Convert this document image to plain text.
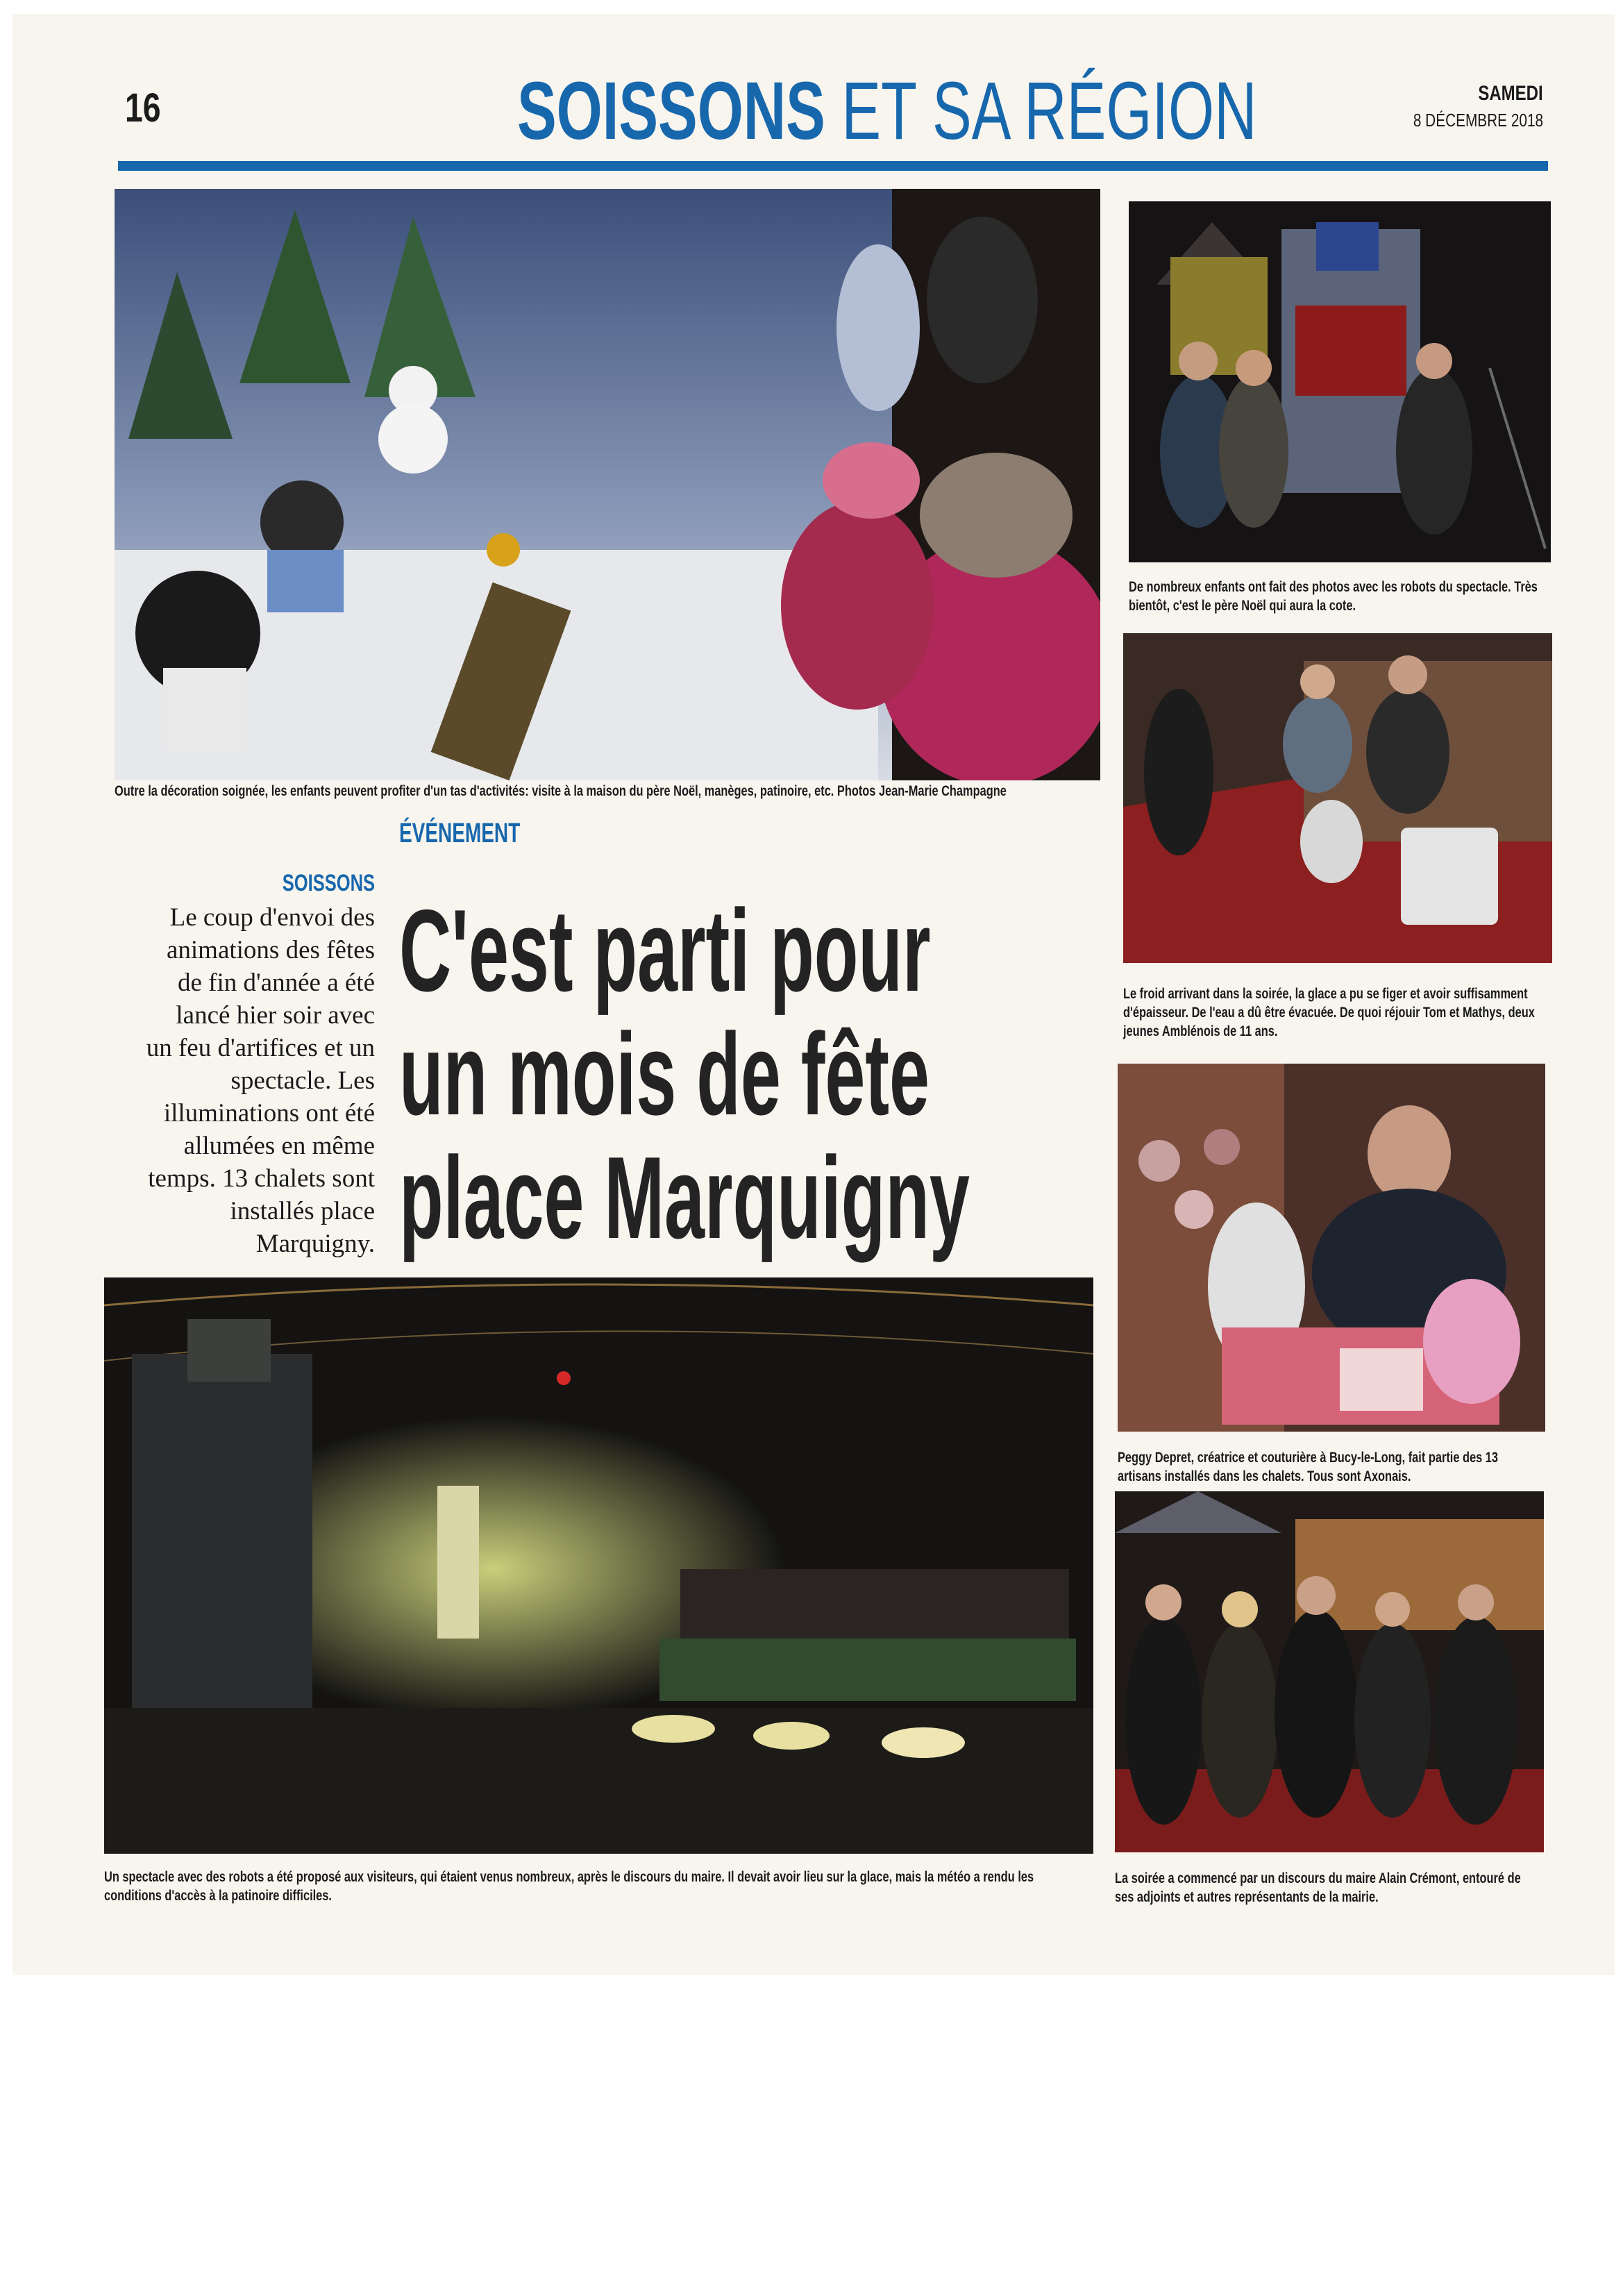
16	SOISSONS ET SA RÉGION	SAMEDI
8 DÉCEMBRE 2018
Outre la décoration soignée, les enfants peuvent profiter d'un tas d'activités: visite à la maison du père Noël, manèges, patinoire, etc. Photos Jean-Marie Champagne
De nombreux enfants ont fait des photos avec les robots du spectacle. Très bientôt, c'est le père Noël qui aura la cote.
Le froid arrivant dans la soirée, la glace a pu se figer et avoir suffisamment d'épaisseur. De l'eau a dû être évacuée. De quoi réjouir Tom et Mathys, deux jeunes Amblénois de 11 ans.
Peggy Depret, créatrice et couturière à Bucy-le-Long, fait partie des 13 artisans installés dans les chalets. Tous sont Axonais.
La soirée a commencé par un discours du maire Alain Crémont, entouré de ses adjoints et autres représentants de la mairie.
ÉVÉNEMENT
SOISSONS
Le coup d'envoi des animations des fêtes de fin d'année a été lancé hier soir avec un feu d'artifices et un spectacle. Les illuminations ont été allumées en même temps. 13 chalets sont installés place Marquigny.
C'est parti pour
un mois de fête
place Marquigny
Un spectacle avec des robots a été proposé aux visiteurs, qui étaient venus nombreux, après le discours du maire. Il devait avoir lieu sur la glace, mais la météo a rendu les conditions d'accès à la patinoire difficiles.
